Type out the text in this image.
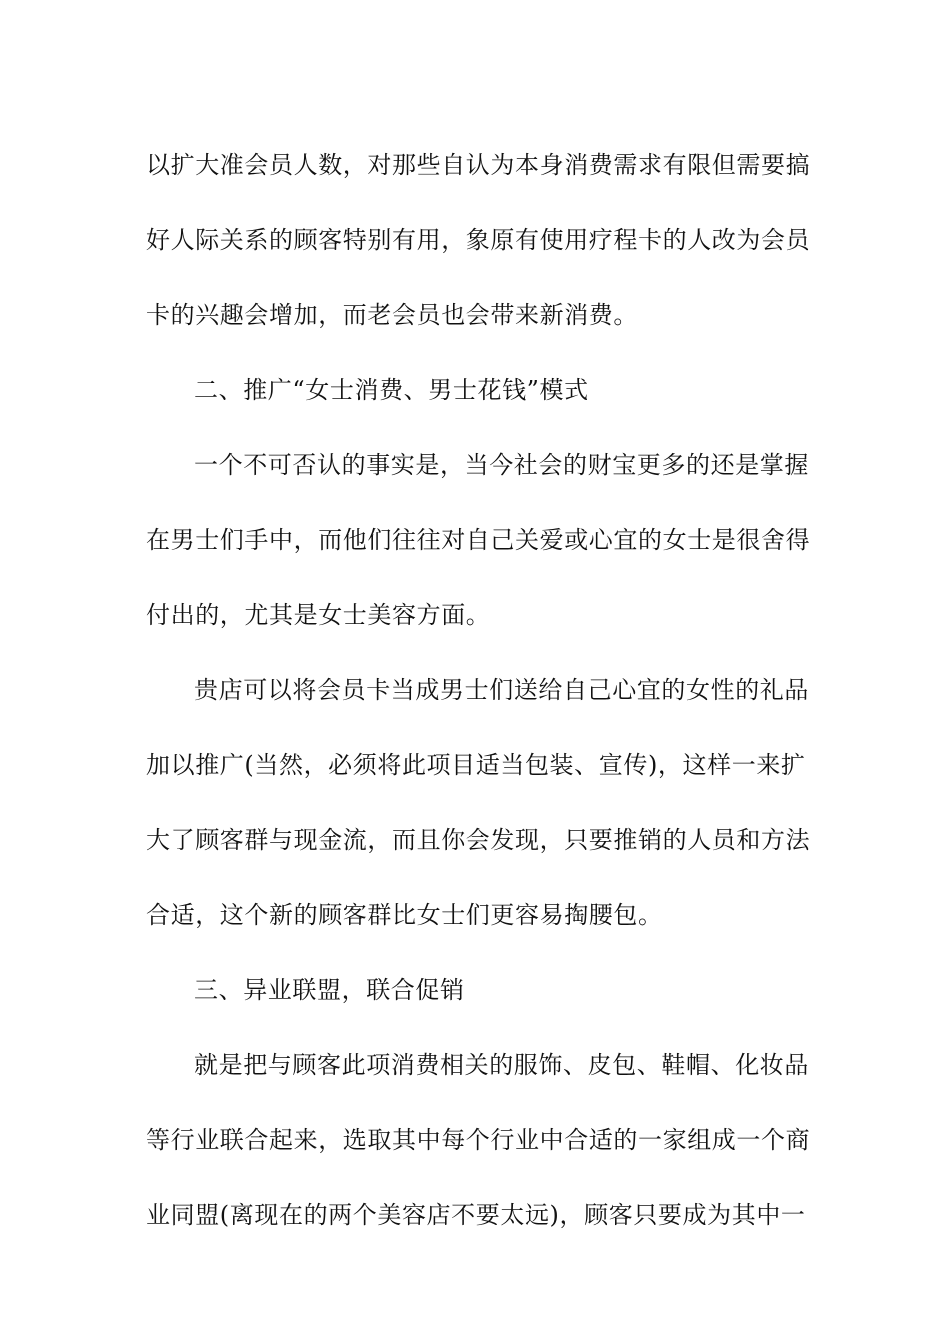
以扩大准会员人数，对那些自认为本身消费需求有限但需要搞
好人际关系的顾客特别有用，象原有使用疗程卡的人改为会员
卡的兴趣会增加，而老会员也会带来新消费。
二、推广“女士消费、男士花钱”模式
一个不可否认的事实是，当今社会的财宝更多的还是掌握
在男士们手中，而他们往往对自己关爱或心宜的女士是很舍得
付出的，尤其是女士美容方面。
贵店可以将会员卡当成男士们送给自己心宜的女性的礼品
加以推广(当然，必须将此项目适当包装、宣传)，这样一来扩
大了顾客群与现金流，而且你会发现，只要推销的人员和方法
合适，这个新的顾客群比女士们更容易掏腰包。
三、异业联盟，联合促销
就是把与顾客此项消费相关的服饰、皮包、鞋帽、化妆品
等行业联合起来，选取其中每个行业中合适的一家组成一个商
业同盟(离现在的两个美容店不要太远)，顾客只要成为其中一
